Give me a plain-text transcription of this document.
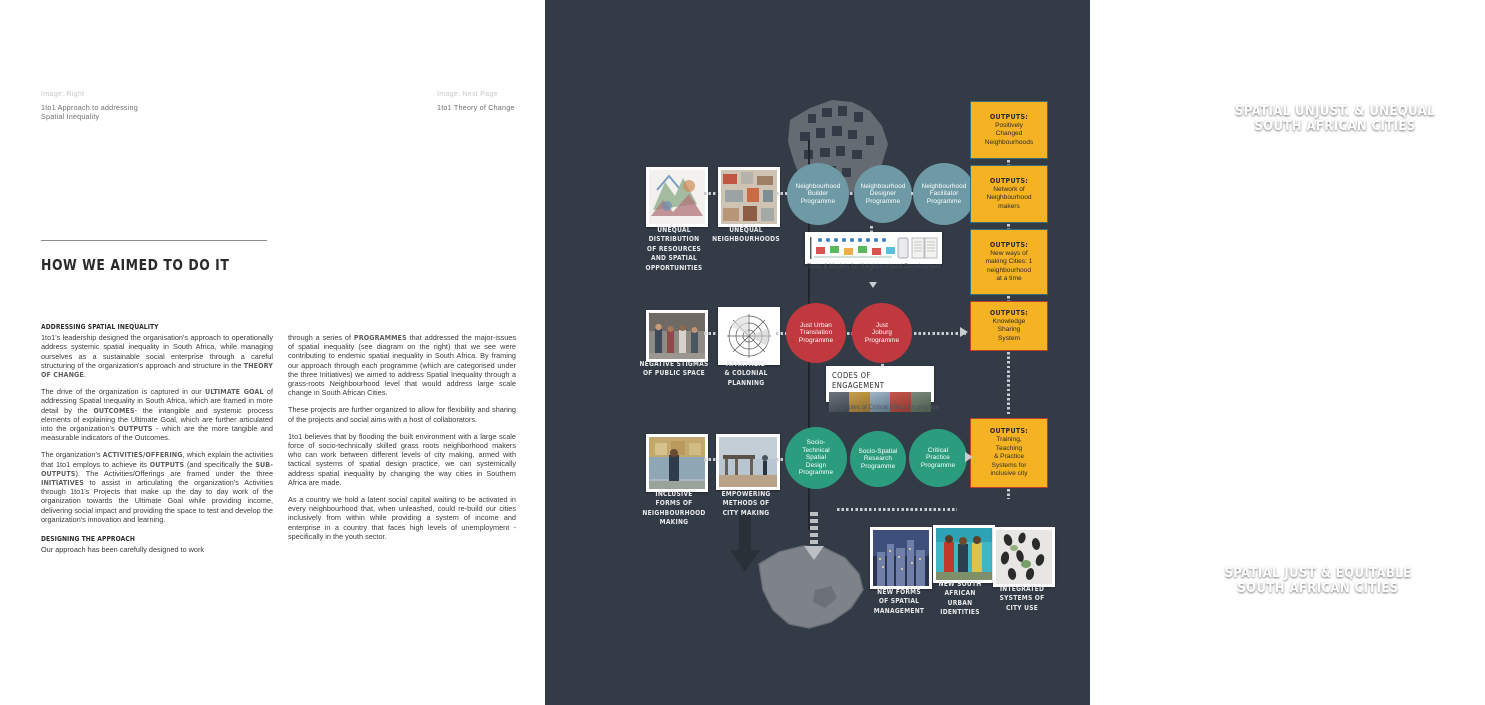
Image: Right
1to1 Approach to addressing
Spatial Inequality
Image: Next Page
1to1 Theory of Change
HOW WE AIMED TO DO IT
ADDRESSING SPATIAL INEQUALITY

1to1's leadership designed the organisation's approach to operationally address systemic spatial inequality in South Africa, while managing ourselves as a sustainable social enterprise through a careful structuring of the organization's approach and structure in the THEORY OF CHANGE.

The drive of the organization is captured in our ULTIMATE GOAL of addressing Spatial Inequality in South Africa, which are framed in more detail by the OUTCOMES- the intangible and systemic process elements of explaining the Ultimate Goal, which are further articulated into the organization's OUTPUTS - which are the more tangible and measurable indicators of the Outcomes.

The organization's ACTIVITIES/OFFERING, which explain the activities that 1to1 employs to achieve its OUTPUTS (and specifically the SUB-OUTPUTS). The Activities/Offerings are framed under the three INITIATIVES to assist in articulating the organization's Activities through 1to1's Projects that make up the day to day work of the organization towards the Ultimate Goal while providing income, delivering social impact and providing the space to test and develop the organization's innovation and learning.

DESIGNING THE APPROACH

Our approach has been carefully designed to work

through a series of PROGRAMMES that addressed the major-issues of spatial inequality (see diagram on the right) that we see were contributing to endemic spatial inequality in South Africa. By framing our approach through each programme (which are categorised under the three Initiatives) we aimed to address Spatial Inequality through a grass-roots Neighbourhood level that would address large scale change in South African Cities.

These projects are further organized to allow for flexibility and sharing of the projects and social aims with a host of collaborators.

1to1 believes that by flooding the built environment with a large scale force of socio-technically skilled grass roots neighborhood makers who can work between different levels of city making, armed with tactical systems of spatial design practice, we can systemically address spatial inequality by changing the way cities in Southern Africa are made.

As a country we hold a latent social capital waiting to be activated in every neighbourhood that, when unleashed, could re-build our cities inclusively from within while providing a system of income and enterprise in a country that faces high levels of unemployment - specifically in the youth sector.

SPATIAL UNJUST. & UNEQUAL
SOUTH AFRICAN CITIES
SPATIAL JUST & EQUITABLE
SOUTH AFRICAN CITIES
UNEQUAL
DISTRIBUTION
OF RESOURCES
AND SPATIAL
OPPORTUNITIES
UNEQUAL
NEIGHBOURHOODS
Neighbourhood
Builder
Programme
Neighbourhood
Designer
Programme
Neighbourhood
Facilitator
Programme
OUTPUTS:
Positively
Changed
Neighbourhoods
OUTPUTS:
Network of
Neighbourhood
makers
OUTPUTS:
New ways of
making Cities: 1
neighbourhood
at a time
OUTPUTS:
Knowledge
Sharing
System
OUTPUTS:
Training,
Teaching
& Practice
Systems for
inclusive city
Tools & Models for Neighbourhood Development
NEGATIVE STIGMAS
OF PUBLIC SPACE
APARTHEID
& COLONIAL
PLANNING
Just Urban
Translation
Programme
Just
Joburg
Programme
CODES OF
ENGAGEMENT
Examples of Critical Ethics for practice
INCLUSIVE
FORMS OF
NEIGHBOURHOOD
MAKING
EMPOWERING
METHODS OF
CITY MAKING
Socio-
Technical
Spatial
Design
Programme
Socio-Spatial
Research
Programme
Critical
Practice
Programme
NEW FORMS
OF SPATIAL
MANAGEMENT
NEW SOUTH
AFRICAN
URBAN
IDENTITIES
INTEGRATED
SYSTEMS OF
CITY USE
